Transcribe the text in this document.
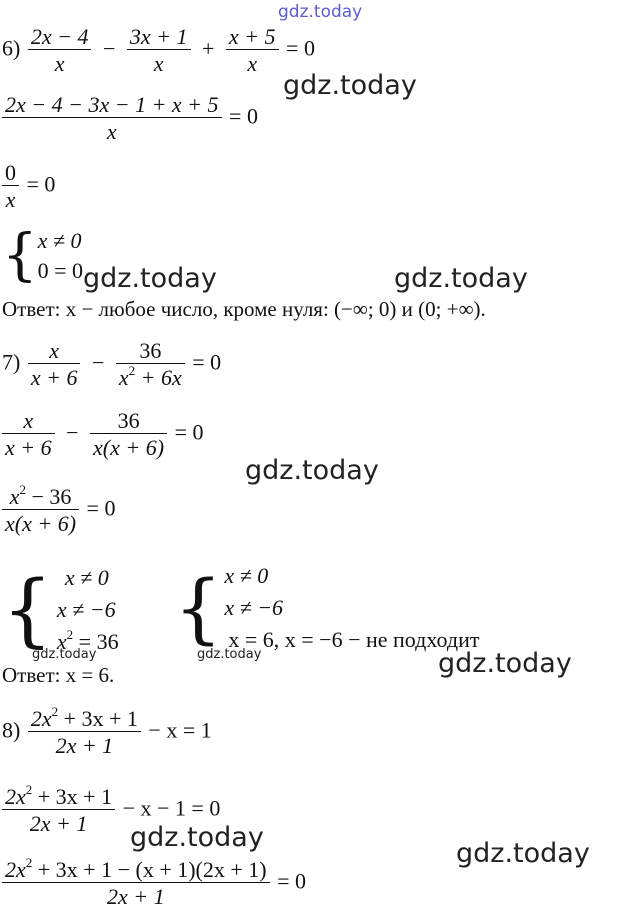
gdz.today
gdz.today
gdz.today	gdz.today
gdz.today
gdz.today	gdz.today	gdz.today
gdz.today
gdz.today
$6) \frac{2x - 4}{x} - \frac{3x + 1}{x} + \frac{x + 5}{x} = 0$
$\frac{2x - 4 - 3x - 1 + x + 5}{x} = 0$
$\frac{0}{x} = 0$
{ x ≠ 0
0 = 0
Ответ: x − любое число, кроме нуля: (−∞; 0) и (0; +∞).
$7) \frac{x}{x + 6} - \frac{36}{x^2 + 6x} = 0$
$\frac{x}{x + 6} - \frac{36}{x(x + 6)} = 0$
$\frac{x^2 - 36}{x(x + 6)} = 0$
{ x ≠ 0
x ≠ −6
$x^2 = 36$ { x ≠ 0
x ≠ −6
x = 6, x = −6 − не подходит
Ответ: x = 6.
$8) \frac{2x^2 + 3x + 1}{2x + 1} - x = 1$
$\frac{2x^2 + 3x + 1}{2x + 1} - x - 1 = 0$
$\frac{2x^2 + 3x + 1 - (x + 1)(2x + 1)}{2x + 1} = 0$
